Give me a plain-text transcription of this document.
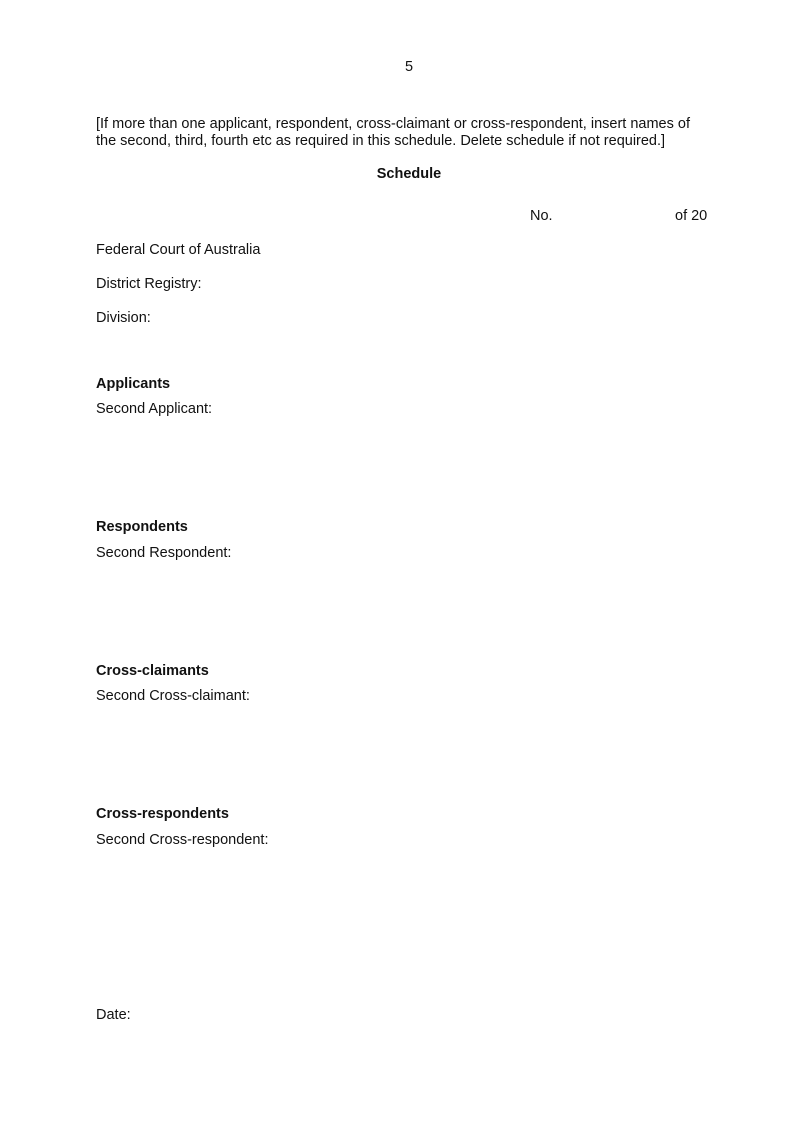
5
[If more than one applicant, respondent, cross-claimant or cross-respondent, insert names of
the second, third, fourth etc as required in this schedule. Delete schedule if not required.]
Schedule
No.	of 20
Federal Court of Australia
District Registry:
Division:
Applicants
Second Applicant:
Respondents
Second Respondent:
Cross-claimants
Second Cross-claimant:
Cross-respondents
Second Cross-respondent:
Date:
